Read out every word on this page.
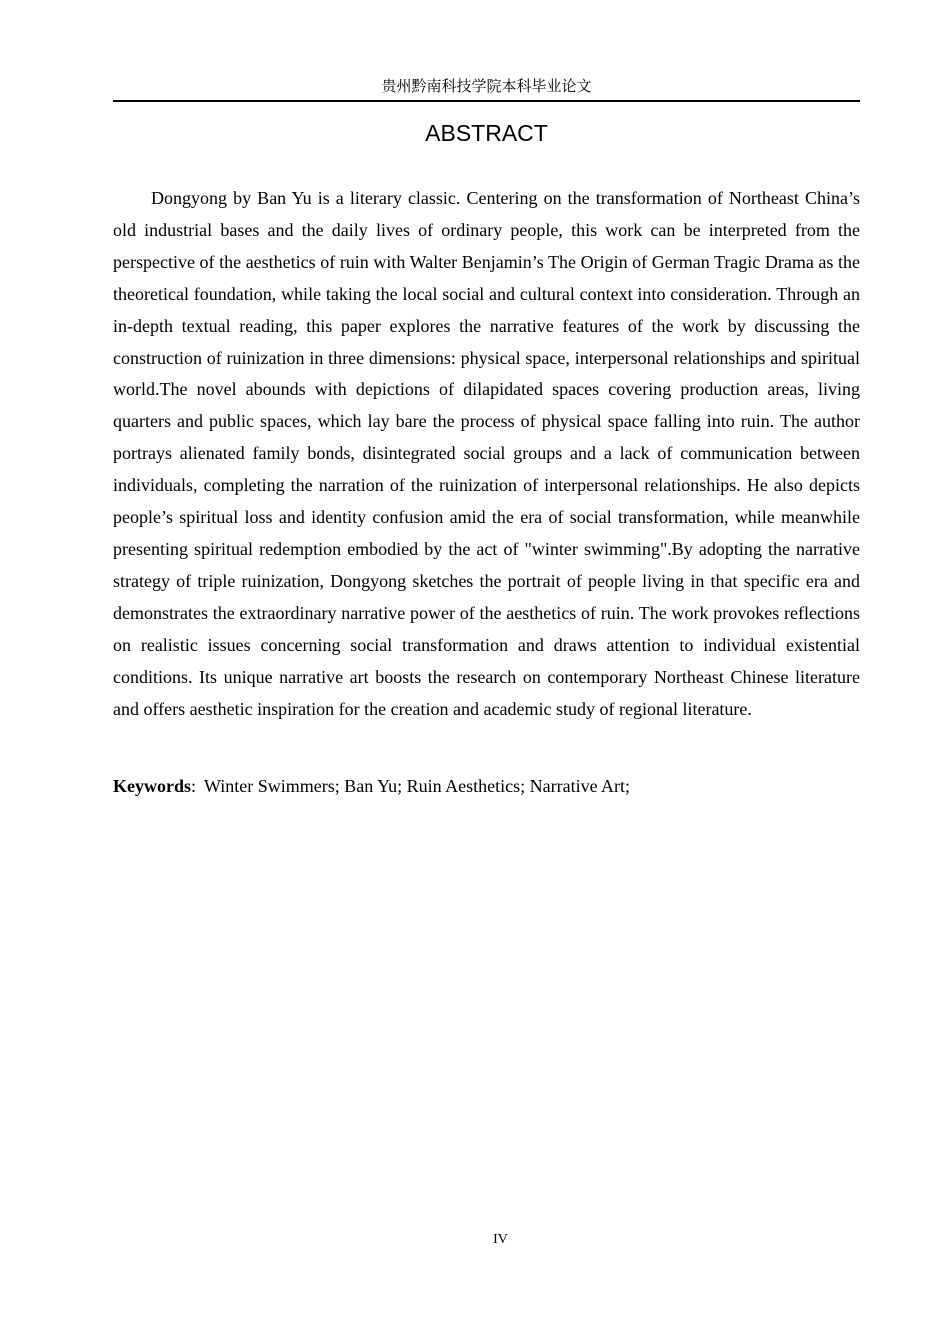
贵州黔南科技学院本科毕业论文
ABSTRACT

Dongyong by Ban Yu is a literary classic. Centering on the transformation of Northeast China’s old industrial bases and the daily lives of ordinary people, this work can be interpreted from the perspective of the aesthetics of ruin with Walter Benjamin’s The Origin of German Tragic Drama as the theoretical foundation, while taking the local social and cultural context into consideration. Through an in-depth textual reading, this paper explores the narrative features of the work by discussing the construction of ruinization in three dimensions: physical space, interpersonal relationships and spiritual world.The novel abounds with depictions of dilapidated spaces covering production areas, living quarters and public spaces, which lay bare the process of physical space falling into ruin. The author portrays alienated family bonds, disintegrated social groups and a lack of communication between individuals, completing the narration of the ruinization of interpersonal relationships. He also depicts people’s spiritual loss and identity confusion amid the era of social transformation, while meanwhile presenting spiritual redemption embodied by the act of "winter swimming".By adopting the narrative strategy of triple ruinization, Dongyong sketches the portrait of people living in that specific era and demonstrates the extraordinary narrative power of the aesthetics of ruin. The work provokes reflections on realistic issues concerning social transformation and draws attention to individual existential conditions. Its unique narrative art boosts the research on contemporary Northeast Chinese literature and offers aesthetic inspiration for the creation and academic study of regional literature.

Keywords: Winter Swimmers; Ban Yu; Ruin Aesthetics; Narrative Art;

IV
